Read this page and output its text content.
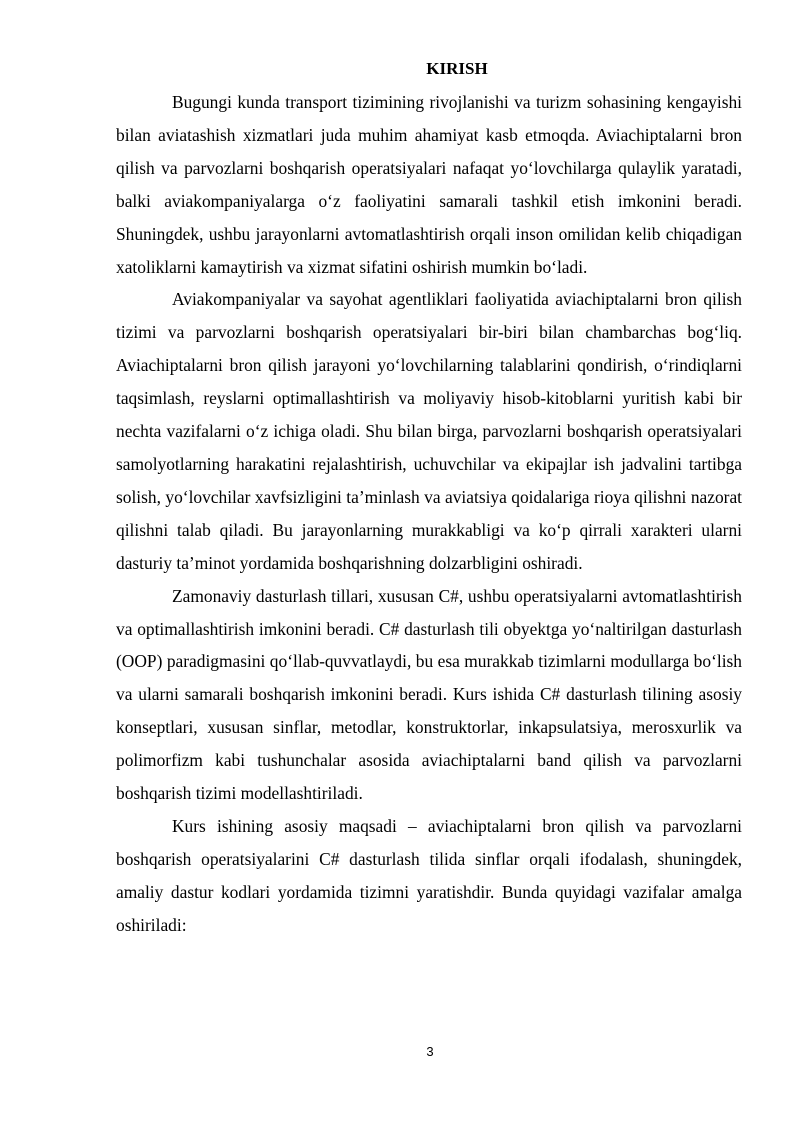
KIRISH

Bugungi kunda transport tizimining rivojlanishi va turizm sohasining kengayishi bilan aviatashish xizmatlari juda muhim ahamiyat kasb etmoqda. Aviachiptalarni bron qilish va parvozlarni boshqarish operatsiyalari nafaqat yo‘lovchilarga qulaylik yaratadi, balki aviakompaniyalarga o‘z faoliyatini samarali tashkil etish imkonini beradi. Shuningdek, ushbu jarayonlarni avtomatlashtirish orqali inson omilidan kelib chiqadigan xatoliklarni kamaytirish va xizmat sifatini oshirish mumkin bo‘ladi.

Aviakompaniyalar va sayohat agentliklari faoliyatida aviachiptalarni bron qilish tizimi va parvozlarni boshqarish operatsiyalari bir-biri bilan chambarchas bog‘liq. Aviachiptalarni bron qilish jarayoni yo‘lovchilarning talablarini qondirish, o‘rindiqlarni taqsimlash, reyslarni optimallashtirish va moliyaviy hisob-kitoblarni yuritish kabi bir nechta vazifalarni o‘z ichiga oladi. Shu bilan birga, parvozlarni boshqarish operatsiyalari samolyotlarning harakatini rejalashtirish, uchuvchilar va ekipajlar ish jadvalini tartibga solish, yo‘lovchilar xavfsizligini ta’minlash va aviatsiya qoidalariga rioya qilishni nazorat qilishni talab qiladi. Bu jarayonlarning murakkabligi va ko‘p qirrali xarakteri ularni dasturiy ta’minot yordamida boshqarishning dolzarbligini oshiradi.

Zamonaviy dasturlash tillari, xususan C#, ushbu operatsiyalarni avtomatlashtirish va optimallashtirish imkonini beradi. C# dasturlash tili obyektga yo‘naltirilgan dasturlash (OOP) paradigmasini qo‘llab-quvvatlaydi, bu esa murakkab tizimlarni modullarga bo‘lish va ularni samarali boshqarish imkonini beradi. Kurs ishida C# dasturlash tilining asosiy konseptlari, xususan sinflar, metodlar, konstruktorlar, inkapsulatsiya, merosxurlik va polimorfizm kabi tushunchalar asosida aviachiptalarni band qilish va parvozlarni boshqarish tizimi modellashtiriladi.

Kurs ishining asosiy maqsadi – aviachiptalarni bron qilish va parvozlarni boshqarish operatsiyalarini C# dasturlash tilida sinflar orqali ifodalash, shuningdek, amaliy dastur kodlari yordamida tizimni yaratishdir. Bunda quyidagi vazifalar amalga oshiriladi:

3
